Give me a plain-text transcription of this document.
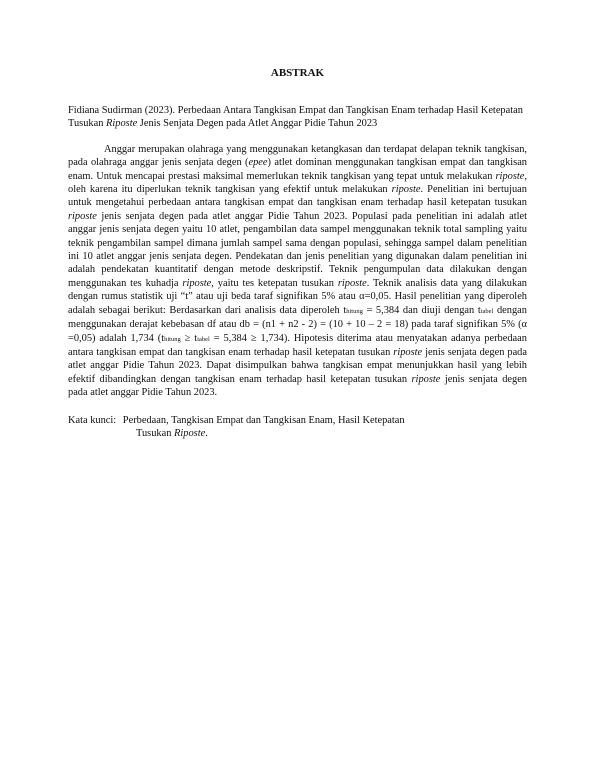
ABSTRAK

Fidiana Sudirman (2023). Perbedaan Antara Tangkisan Empat dan Tangkisan Enam terhadap Hasil Ketepatan Tusukan Riposte Jenis Senjata Degen pada Atlet Anggar Pidie Tahun 2023

Anggar merupakan olahraga yang menggunakan ketangkasan dan terdapat delapan teknik tangkisan, pada olahraga anggar jenis senjata degen (epee) atlet dominan menggunakan tangkisan empat dan tangkisan enam. Untuk mencapai prestasi maksimal memerlukan teknik tangkisan yang tepat untuk melakukan riposte, oleh karena itu diperlukan teknik tangkisan yang efektif untuk melakukan riposte. Penelitian ini bertujuan untuk mengetahui perbedaan antara tangkisan empat dan tangkisan enam terhadap hasil ketepatan tusukan riposte jenis senjata degen pada atlet anggar Pidie Tahun 2023. Populasi pada penelitian ini adalah atlet anggar jenis senjata degen yaitu 10 atlet, pengambilan data sampel menggunakan teknik total sampling yaitu teknik pengambilan sampel dimana jumlah sampel sama dengan populasi, sehingga sampel dalam penelitian ini 10 atlet anggar jenis senjata degen. Pendekatan dan jenis penelitian yang digunakan dalam penelitian ini adalah pendekatan kuantitatif dengan metode deskripstif. Teknik pengumpulan data dilakukan dengan menggunakan tes kuhadja riposte, yaitu tes ketepatan tusukan riposte. Teknik analisis data yang dilakukan dengan rumus statistik uji “t” atau uji beda taraf signifikan 5% atau α=0,05. Hasil penelitian yang diperoleh adalah sebagai berikut: Berdasarkan dari analisis data diperoleh thitung = 5,384 dan diuji dengan ttabel dengan menggunakan derajat kebebasan df atau db = (n1 + n2 - 2) = (10 + 10 – 2 = 18) pada taraf signifikan 5% (α =0,05) adalah 1,734 (thitung ≥ ttabel = 5,384 ≥ 1,734). Hipotesis diterima atau menyatakan adanya perbedaan antara tangkisan empat dan tangkisan enam terhadap hasil ketepatan tusukan riposte jenis senjata degen pada atlet anggar Pidie Tahun 2023. Dapat disimpulkan bahwa tangkisan empat menunjukkan hasil yang lebih efektif dibandingkan dengan tangkisan enam terhadap hasil ketepatan tusukan riposte jenis senjata degen pada atlet anggar Pidie Tahun 2023.

Kata kunci: Perbedaan, Tangkisan Empat dan Tangkisan Enam, Hasil Ketepatan
Tusukan Riposte.
